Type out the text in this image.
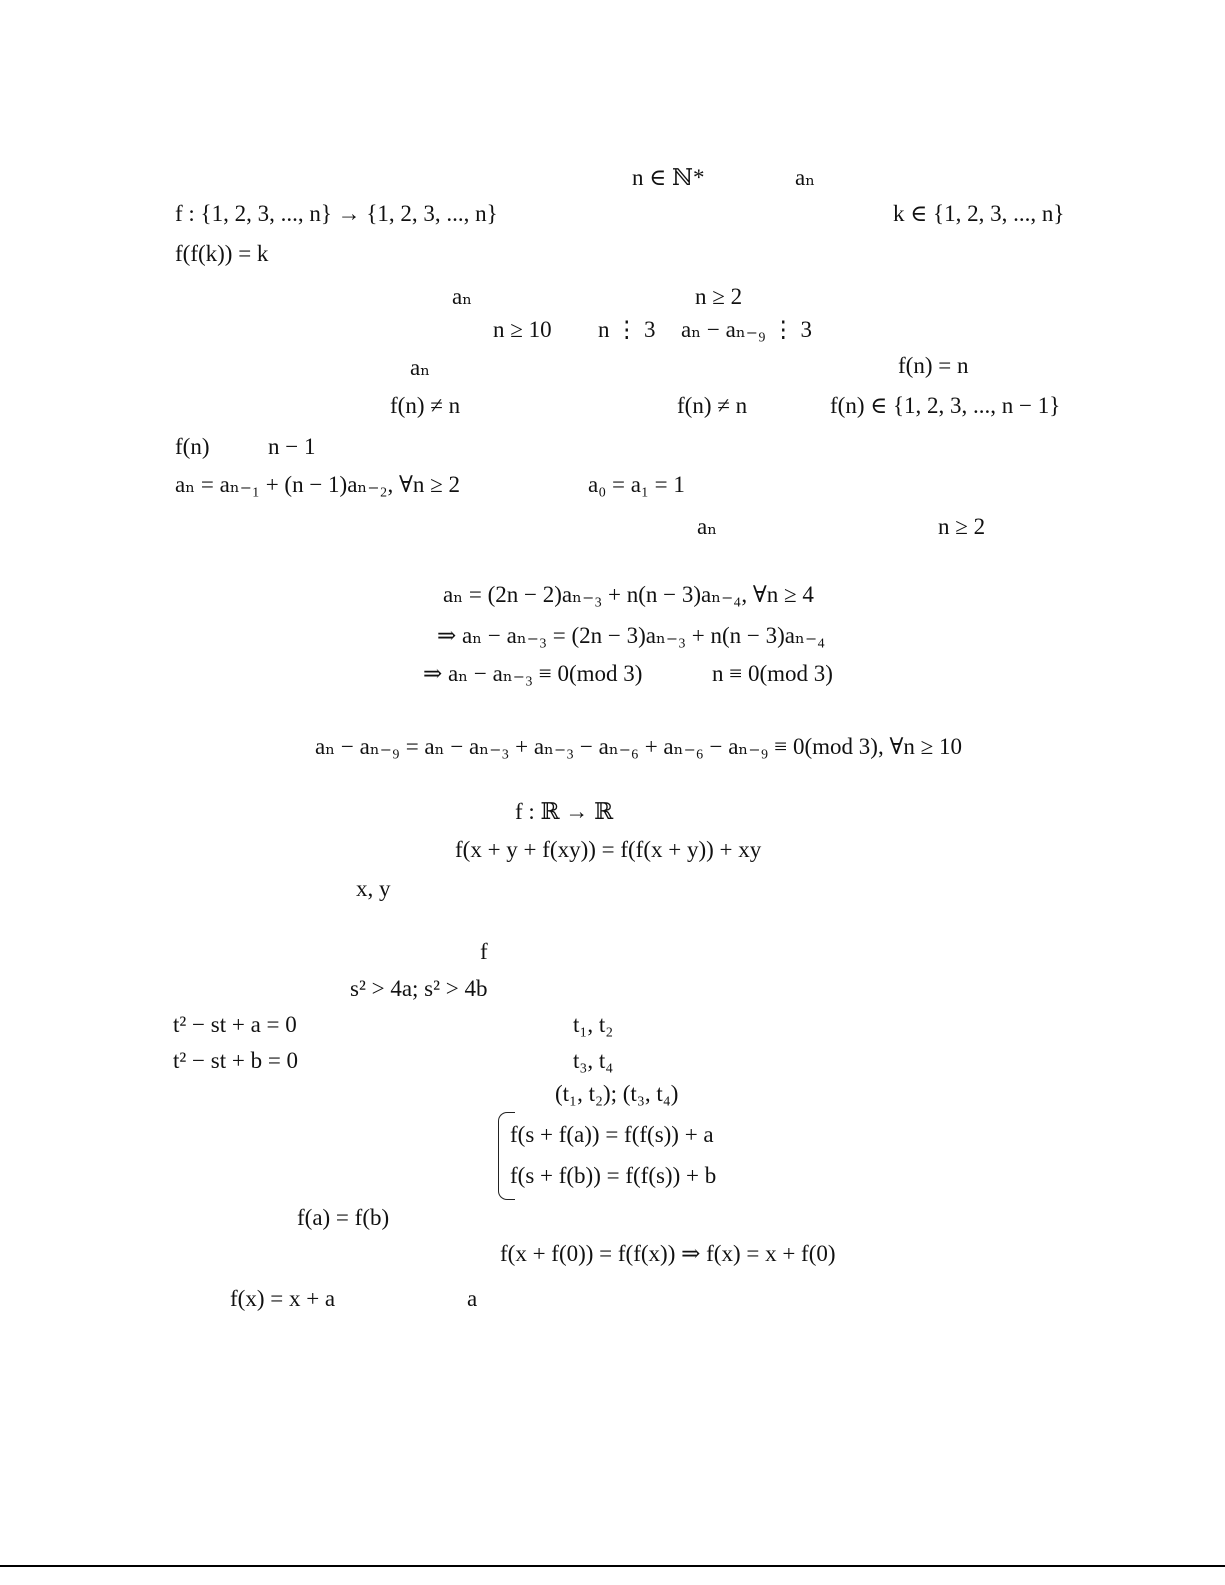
n ∈ ℕ*	aₙ
f : {1, 2, 3, ..., n} → {1, 2, 3, ..., n}	k ∈ {1, 2, 3, ..., n}
f(f(k)) = k
aₙ	n ≥ 2
n ≥ 10 n ⋮ 3 aₙ − aₙ₋₉ ⋮ 3
aₙ	f(n) = n
f(n) ≠ n	f(n) ≠ n	f(n) ∈ {1, 2, 3, ..., n − 1}
f(n)	n − 1
aₙ = aₙ₋₁ + (n − 1)aₙ₋₂, ∀n ≥ 2	a₀ = a₁ = 1
aₙ	n ≥ 2
aₙ = (2n − 2)aₙ₋₃ + n(n − 3)aₙ₋₄, ∀n ≥ 4
⇒ aₙ − aₙ₋₃ = (2n − 3)aₙ₋₃ + n(n − 3)aₙ₋₄
⇒ aₙ − aₙ₋₃ ≡ 0(mod 3)	n ≡ 0(mod 3)
aₙ − aₙ₋₉ = aₙ − aₙ₋₃ + aₙ₋₃ − aₙ₋₆ + aₙ₋₆ − aₙ₋₉ ≡ 0(mod 3), ∀n ≥ 10
f : ℝ → ℝ
f(x + y + f(xy)) = f(f(x + y)) + xy
x, y
f
s² > 4a; s² > 4b
t² − st + a = 0	t₁, t₂
t² − st + b = 0	t₃, t₄
(t₁, t₂); (t₃, t₄)
f(s + f(a)) = f(f(s)) + a
f(s + f(b)) = f(f(s)) + b
f(a) = f(b)
f(x + f(0)) = f(f(x)) ⇒ f(x) = x + f(0)
f(x) = x + a	a
